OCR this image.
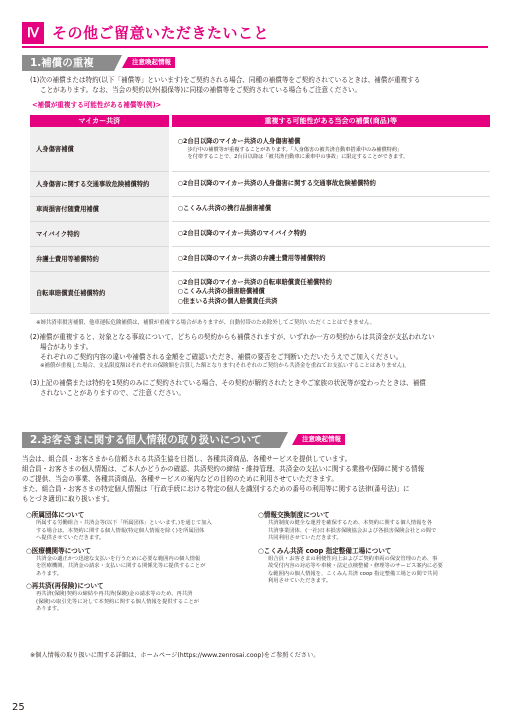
Ⅳ その他ご留意いただきたいこと
1.補償の重複	注意喚起情報
(1)次の補償または特約(以下「補償等」といいます)をご契約される場合、同種の補償等をご契約されているときは、補償が重複する
ことがあります。なお、当会の契約以外(損保等)に同様の補償等をご契約されている場合もご注意ください。
<補償が重複する可能性がある補償等(例)>
マイカー共済	重複する可能性がある当会の補償(商品)等
人身傷害補償	○2台目以降のマイカー共済の人身傷害補償
歩行中の補償等が重複することがあります。「人身傷害の被共済自動車搭乗中のみ補償特約」
を付帯することで、2台目以降は「被共済自動車に乗車中の事故」に限定することができます。

人身傷害に関する交通事故危険補償特約	○2台目以降のマイカー共済の人身傷害に関する交通事故危険補償特約

車両損害付随費用補償	○こくみん共済の携行品損害補償

マイバイク特約	○2台目以降のマイカー共済のマイバイク特約

弁護士費用等補償特約	○2台目以降のマイカー共済の弁護士費用等補償特約

自転車賠償責任補償特約	○2台目以降のマイカー共済の自転車賠償責任補償特約
○こくみん共済の損害賠償補償
○住まいる共済の個人賠償責任共済
※姉共済車損害補償、他車運転危険補償は、補償が重複する場合がありますが、自動付帯のため除外してご契約いただくことはできません。
(2)補償が重複すると、対象となる事故について、どちらの契約からも補償されますが、いずれか一方の契約からは共済金が支払われない
場合があります。
それぞれのご契約内容の違いや補償される金額をご確認いただき、補償の要否をご判断いただいたうえでご加入ください。
※補償が重複した場合、支払限度額はそれぞれの保険額を合算した額となります(それぞれのご契約から共済金を重ねてお支払いすることはありません)。
(3)上記の補償または特約を1契約のみにご契約されている場合、その契約が解約されたときやご家族の状況等が変わったときは、補償
されないことがありますので、ご注意ください。
2.お客さまに関する個人情報の取り扱いについて	注意喚起情報
当会は、組合員・お客さまから信頼される共済生協を目指し、各種共済商品、各種サービスを提供しています。
組合員・お客さまの個人情報は、ご本人かどうかの確認、共済契約の締結・維持管理、共済金の支払いに関する業務や保障に関する情報
のご提供、当会の事業、各種共済商品、各種サービスの案内などの目的のために利用させていただきます。
また、組合員・お客さまの特定個人情報は「行政手続における特定の個人を識別するための番号の利用等に関する法律(番号法)」に
もとづき適切に取り扱います。
○所属団体について
所属する労働組合・共済会等(以下「所属団体」といいます。)を通じて加入
する場合は、本契約に関する個人情報(特定個人情報を除く)を所属団体
へ提供させていただきます。
○医療機関等について
共済金の適正かつ迅速な支払いを行うために必要な範囲内の個人情報
を医療機関、共済金の請求・支払いに関する関係先等に提供することが
あります。
○再共済(再保険)について
再共済(保険)契約の締結や再共済(保険)金の請求等のため、再共済
(保険)の取引先等に対して本契約に関する個人情報を提供することが
あります。
○情報交換制度について
共済制度の健全な運営を確保するため、本契約に関する個人情報を各
共済事業団体、(一社)日本損害保険協会および各損害保険会社との間で
共同利用させていただきます。
○こくみん共済 coop 指定整備工場について
組合員・お客さまの利便性向上およびご契約車両の保安管理のため、事
故受付内容の対応等や車検・法定点検整備・修理等のサービス案内に必要
な範囲内の個人情報を、こくみん共済 coop 指定整備工場との間で共同
利用させていただきます。
※個人情報の取り扱いに関する詳細は、ホームページ(https://www.zenrosai.coop)をご参照ください。
25
